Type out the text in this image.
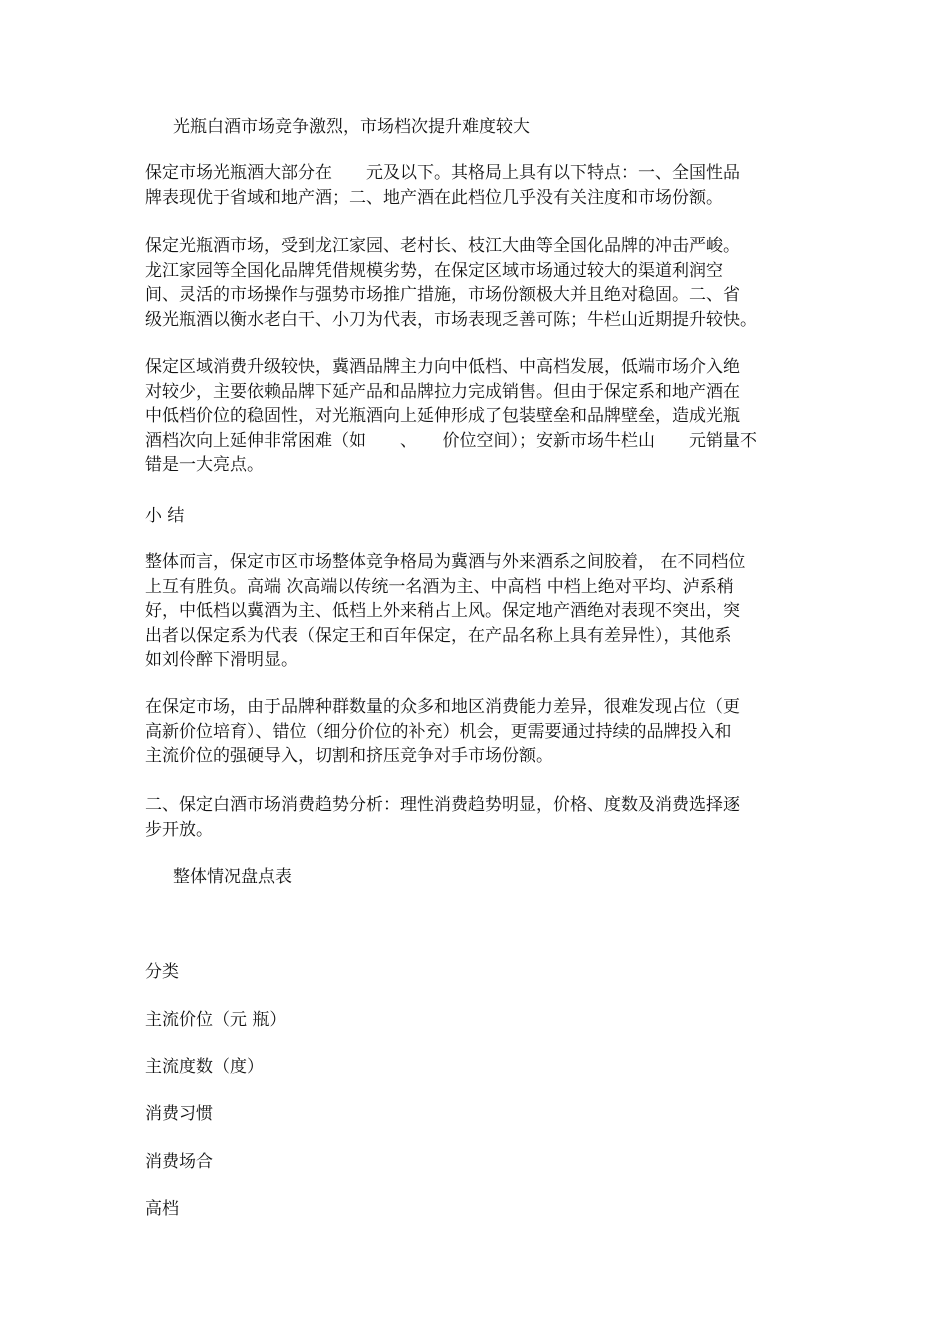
光瓶白酒市场竞争激烈，市场档次提升难度较大
保定市场光瓶酒大部分在　　元及以下。其格局上具有以下特点：一、全国性品
牌表现优于省域和地产酒；二、地产酒在此档位几乎没有关注度和市场份额。
保定光瓶酒市场，受到龙江家园、老村长、枝江大曲等全国化品牌的冲击严峻。
龙江家园等全国化品牌凭借规模劣势，在保定区域市场通过较大的渠道利润空
间、灵活的市场操作与强势市场推广措施，市场份额极大并且绝对稳固。二、省
级光瓶酒以衡水老白干、小刀为代表，市场表现乏善可陈；牛栏山近期提升较快。
保定区域消费升级较快，冀酒品牌主力向中低档、中高档发展，低端市场介入绝
对较少，主要依赖品牌下延产品和品牌拉力完成销售。但由于保定系和地产酒在
中低档价位的稳固性，对光瓶酒向上延伸形成了包装壁垒和品牌壁垒，造成光瓶
酒档次向上延伸非常困难（如　　、　　价位空间）；安新市场牛栏山　　元销量不
错是一大亮点。
小 结
整体而言，保定市区市场整体竞争格局为冀酒与外来酒系之间胶着， 在不同档位
上互有胜负。高端 次高端以传统一名酒为主、中高档 中档上绝对平均、泸系稍
好，中低档以冀酒为主、低档上外来稍占上风。保定地产酒绝对表现不突出，突
出者以保定系为代表（保定王和百年保定，在产品名称上具有差异性），其他系
如刘伶醉下滑明显。
在保定市场，由于品牌种群数量的众多和地区消费能力差异，很难发现占位（更
高新价位培育）、错位（细分价位的补充）机会，更需要通过持续的品牌投入和
主流价位的强硬导入，切割和挤压竞争对手市场份额。
二、保定白酒市场消费趋势分析：理性消费趋势明显，价格、度数及消费选择逐
步开放。
整体情况盘点表
分类
主流价位（元 瓶）
主流度数（度）
消费习惯
消费场合
高档
